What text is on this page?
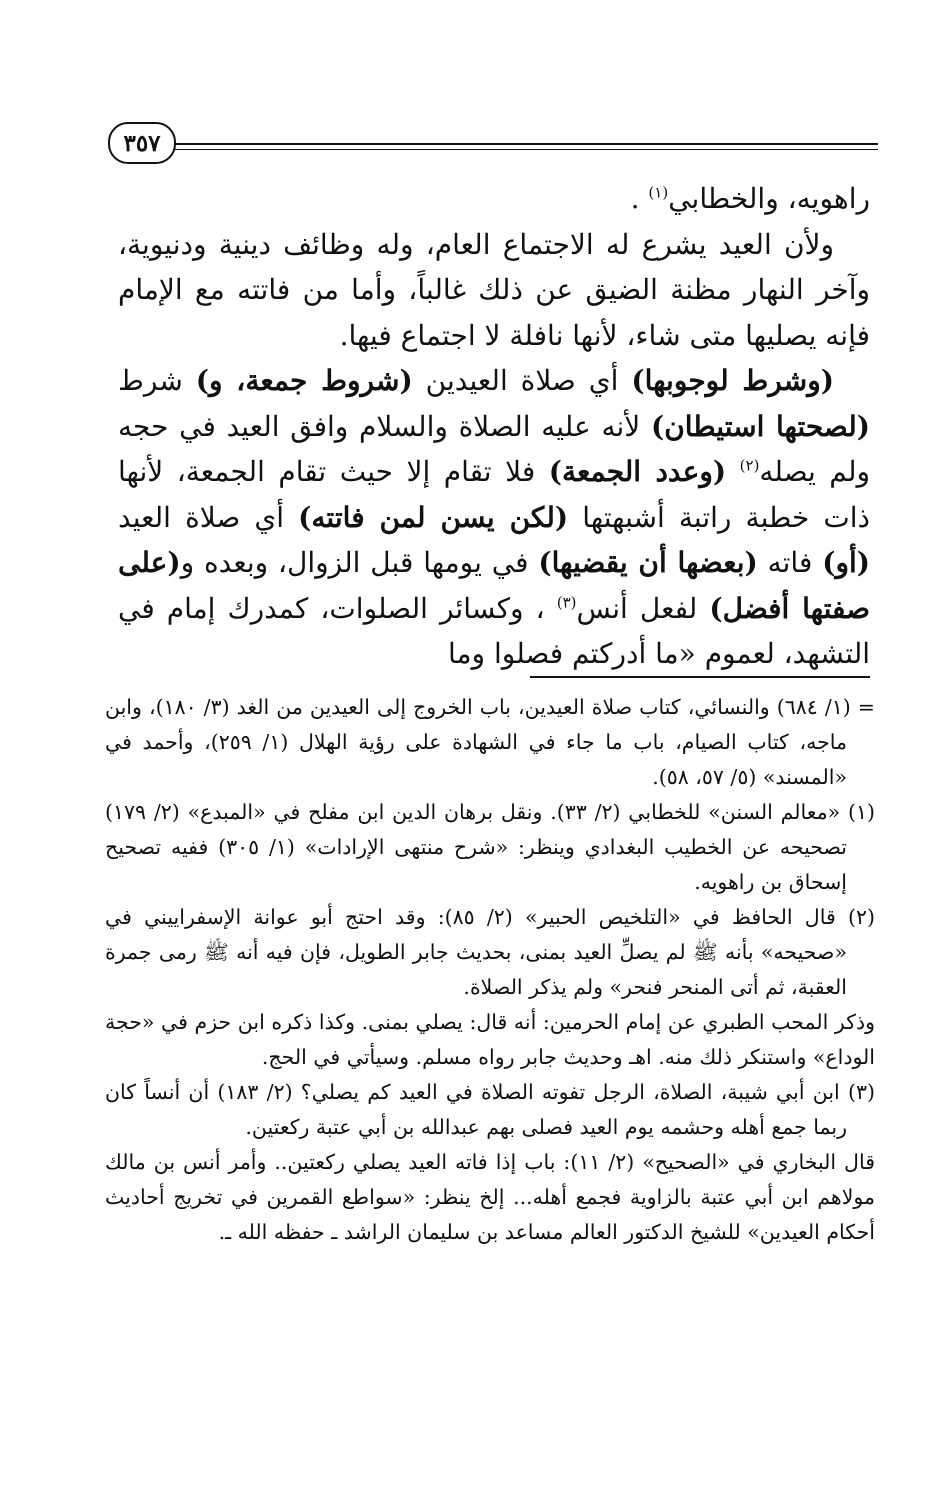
٣٥٧

راهويه، والخطابي$^{(١)}$ .

ولأن العيد يشرع له الاجتماع العام، وله وظائف دينية ودنيوية، وآخر النهار مظنة الضيق عن ذلك غالباً، وأما من فاتته مع الإمام فإنه يصليها متى شاء، لأنها نافلة لا اجتماع فيها.

(وشرط لوجوبها) أي صلاة العيدين (شروط جمعة، و) شرط (لصحتها استيطان) لأنه عليه الصلاة والسلام وافق العيد في حجه ولم يصله$^{(٢)}$ (وعدد الجمعة) فلا تقام إلا حيث تقام الجمعة، لأنها ذات خطبة راتبة أشبهتها (لكن يسن لمن فاتته) أي صلاة العيد (أو) فاته (بعضها أن يقضيها) في يومها قبل الزوال، وبعده و(على صفتها أفضل) لفعل أنس$^{(٣)}$ ، وكسائر الصلوات، كمدرك إمام في التشهد، لعموم «ما أدركتم فصلوا وما

= (١/ ٦٨٤) والنسائي، كتاب صلاة العيدين، باب الخروج إلى العيدين من الغد (٣/ ١٨٠)، وابن ماجه، كتاب الصيام، باب ما جاء في الشهادة على رؤية الهلال (١/ ٢٥٩)، وأحمد في «المسند» (٥/ ٥٧، ٥٨).

(١) «معالم السنن» للخطابي (٢/ ٣٣). ونقل برهان الدين ابن مفلح في «المبدع» (٢/ ١٧٩) تصحيحه عن الخطيب البغدادي وينظر: «شرح منتهى الإرادات» (١/ ٣٠٥) ففيه تصحيح إسحاق بن راهويه.

(٢) قال الحافظ في «التلخيص الحبير» (٢/ ٨٥): وقد احتج أبو عوانة الإسفراييني في «صحيحه» بأنه ﷺ لم يصلِّ العيد بمنى، بحديث جابر الطويل، فإن فيه أنه ﷺ رمى جمرة العقبة، ثم أتى المنحر فنحر» ولم يذكر الصلاة.

وذكر المحب الطبري عن إمام الحرمين: أنه قال: يصلي بمنى. وكذا ذكره ابن حزم في «حجة الوداع» واستنكر ذلك منه. اهـ وحديث جابر رواه مسلم. وسيأتي في الحج.

(٣) ابن أبي شيبة، الصلاة، الرجل تفوته الصلاة في العيد كم يصلي؟ (٢/ ١٨٣) أن أنساً كان ربما جمع أهله وحشمه يوم العيد فصلى بهم عبدالله بن أبي عتبة ركعتين.

قال البخاري في «الصحيح» (٢/ ١١): باب إذا فاته العيد يصلي ركعتين.. وأمر أنس بن مالك مولاهم ابن أبي عتبة بالزاوية فجمع أهله... إلخ ينظر: «سواطع القمرين في تخريج أحاديث أحكام العيدين» للشيخ الدكتور العالم مساعد بن سليمان الراشد ـ حفظه الله ـ.
